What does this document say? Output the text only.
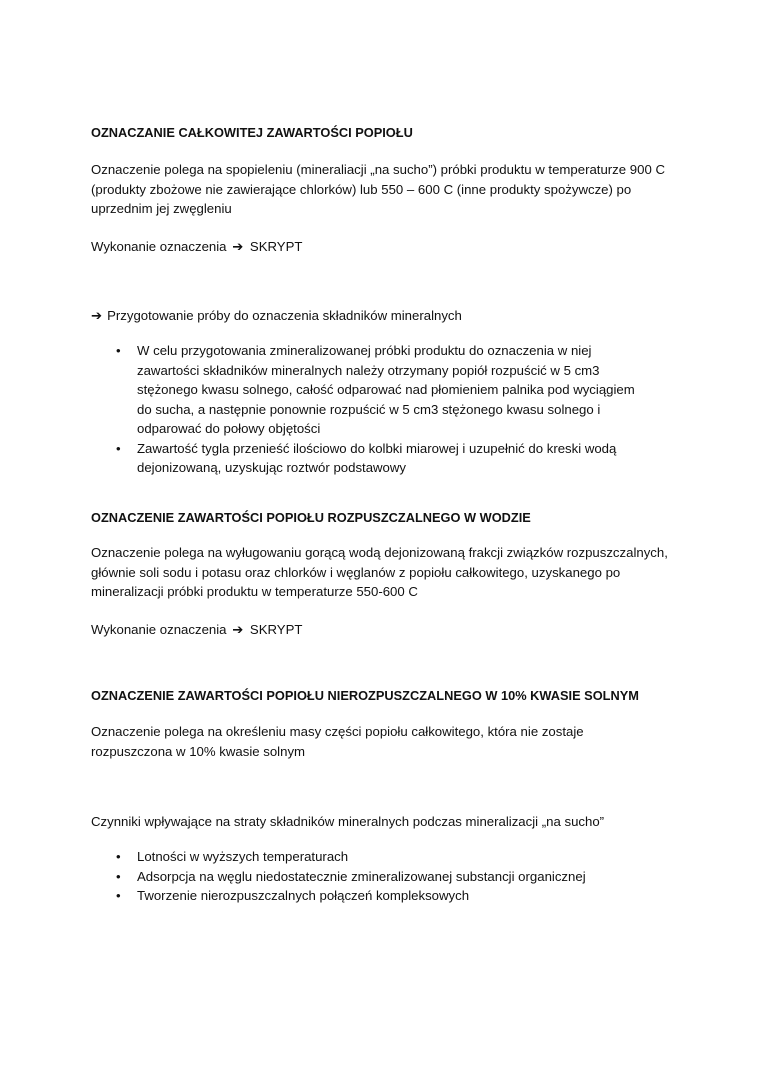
OZNACZANIE CAŁKOWITEJ ZAWARTOŚCI POPIOŁU
Oznaczenie polega na spopieleniu (mineraliacji „na sucho”) próbki produktu w temperaturze 900 C (produkty zbożowe nie zawierające chlorków) lub 550 – 600 C (inne produkty spożywcze) po uprzednim jej zwęgleniu
Wykonanie oznaczenia ➔ SKRYPT
➔ Przygotowanie próby do oznaczenia składników mineralnych
• W celu przygotowania zmineralizowanej próbki produktu do oznaczenia w niej zawartości składników mineralnych należy otrzymany popiół rozpuścić w 5 cm3 stężonego kwasu solnego, całość odparować nad płomieniem palnika pod wyciągiem do sucha, a następnie ponownie rozpuścić w 5 cm3 stężonego kwasu solnego i odparować do połowy objętości
• Zawartość tygla przenieść ilościowo do kolbki miarowej i uzupełnić do kreski wodą dejonizowaną, uzyskując roztwór podstawowy
OZNACZENIE ZAWARTOŚCI POPIOŁU ROZPUSZCZALNEGO W WODZIE
Oznaczenie polega na wyługowaniu gorącą wodą dejonizowaną frakcji związków rozpuszczalnych, głównie soli sodu i potasu oraz chlorków i węglanów z popiołu całkowitego, uzyskanego po mineralizacji próbki produktu w temperaturze 550-600 C
Wykonanie oznaczenia ➔ SKRYPT
OZNACZENIE ZAWARTOŚCI POPIOŁU NIEROZPUSZCZALNEGO W 10% KWASIE SOLNYM
Oznaczenie polega na określeniu masy części popiołu całkowitego, która nie zostaje rozpuszczona w 10% kwasie solnym
Czynniki wpływające na straty składników mineralnych podczas mineralizacji „na sucho”
• Lotności w wyższych temperaturach
• Adsorpcja na węglu niedostatecznie zmineralizowanej substancji organicznej
• Tworzenie nierozpuszczalnych połączeń kompleksowych
